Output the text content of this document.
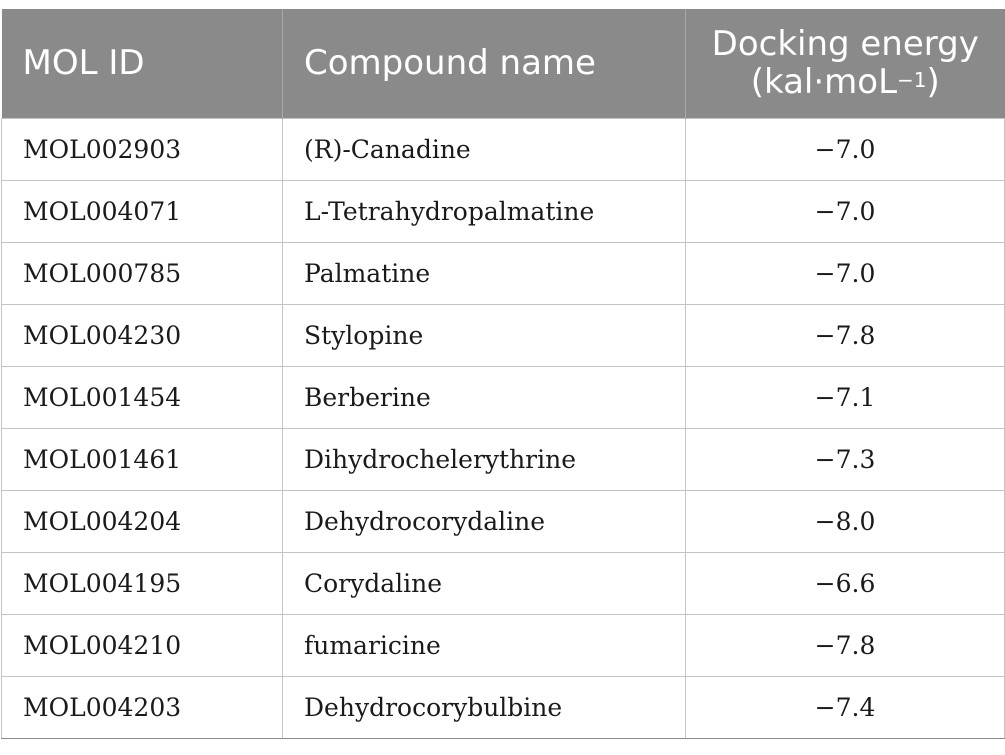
MOL ID	Compound name	Docking energy
(kal·moL$^{-1}$)

MOL002903	(R)-Canadine	−7.0
MOL004071	L-Tetrahydropalmatine	−7.0
MOL000785	Palmatine	−7.0
MOL004230	Stylopine	−7.8
MOL001454	Berberine	−7.1
MOL001461	Dihydrochelerythrine	−7.3
MOL004204	Dehydrocorydaline	−8.0
MOL004195	Corydaline	−6.6
MOL004210	fumaricine	−7.8
MOL004203	Dehydrocorybulbine	−7.4
